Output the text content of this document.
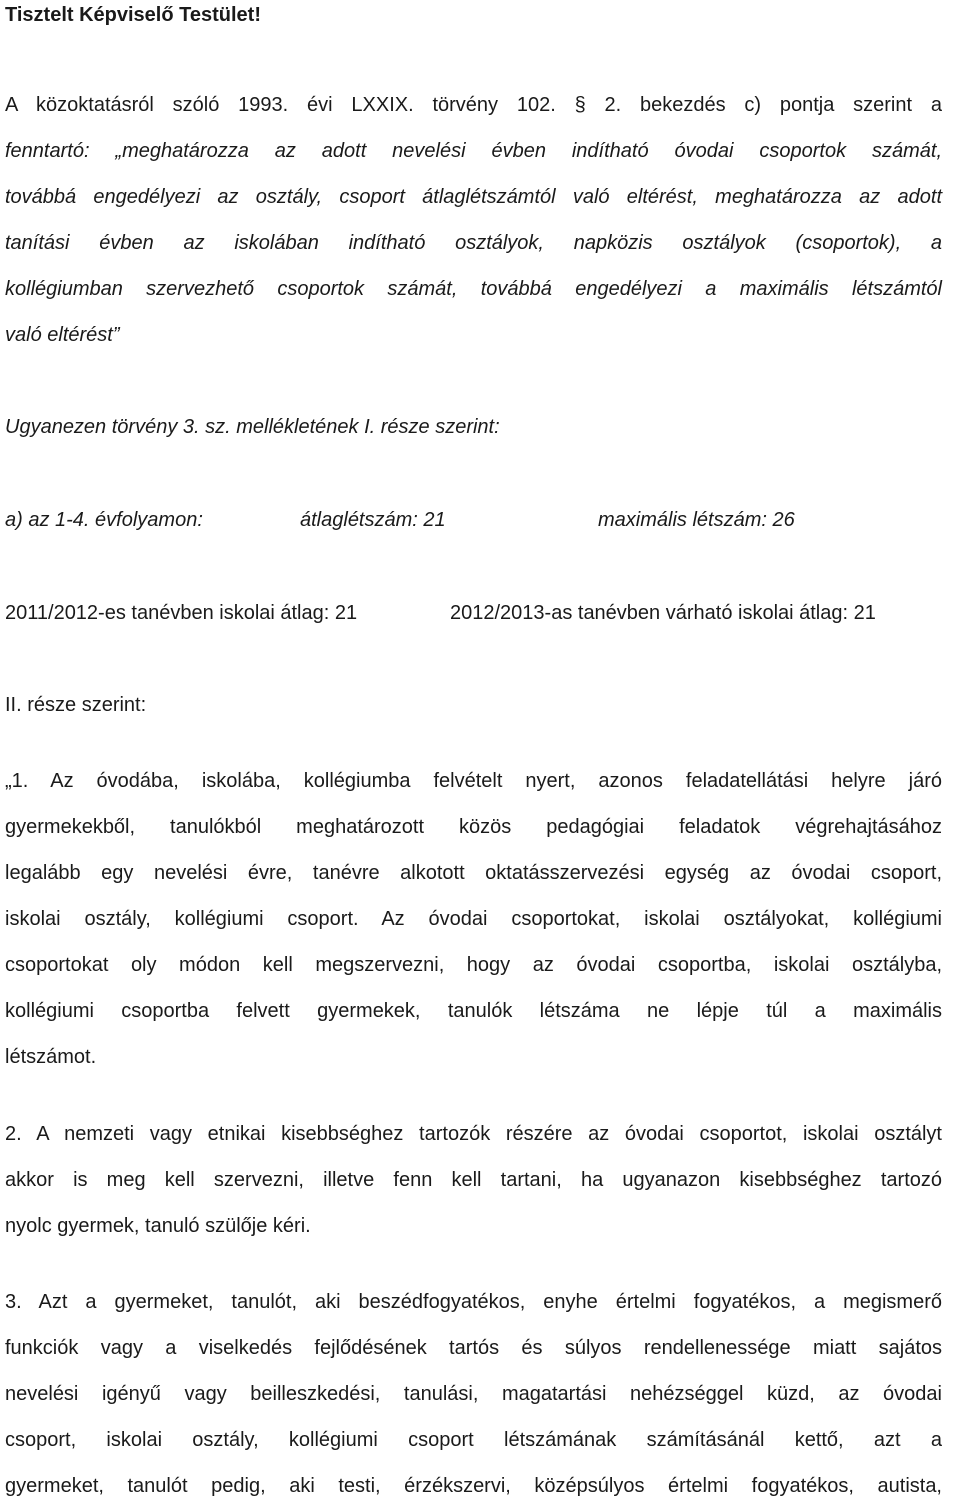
Tisztelt Képviselő Testület!
A közoktatásról szóló 1993. évi LXXIX. törvény 102. § 2. bekezdés c) pontja szerint a
fenntartó: „meghatározza az adott nevelési évben indítható óvodai csoportok számát,
továbbá engedélyezi az osztály, csoport átlaglétszámtól való eltérést, meghatározza az adott
tanítási évben az iskolában indítható osztályok, napközis osztályok (csoportok), a
kollégiumban szervezhető csoportok számát, továbbá engedélyezi a maximális létszámtól
való eltérést”
Ugyanezen törvény 3. sz. mellékletének I. része szerint:
a) az 1-4. évfolyamon:	átlaglétszám: 21	maximális létszám: 26
2011/2012-es tanévben iskolai átlag: 21	2012/2013-as tanévben várható iskolai átlag: 21
II. része szerint:
„1. Az óvodába, iskolába, kollégiumba felvételt nyert, azonos feladatellátási helyre járó
gyermekekből, tanulókból meghatározott közös pedagógiai feladatok végrehajtásához
legalább egy nevelési évre, tanévre alkotott oktatásszervezési egység az óvodai csoport,
iskolai osztály, kollégiumi csoport. Az óvodai csoportokat, iskolai osztályokat, kollégiumi
csoportokat oly módon kell megszervezni, hogy az óvodai csoportba, iskolai osztályba,
kollégiumi csoportba felvett gyermekek, tanulók létszáma ne lépje túl a maximális
létszámot.
2. A nemzeti vagy etnikai kisebbséghez tartozók részére az óvodai csoportot, iskolai osztályt
akkor is meg kell szervezni, illetve fenn kell tartani, ha ugyanazon kisebbséghez tartozó
nyolc gyermek, tanuló szülője kéri.
3. Azt a gyermeket, tanulót, aki beszédfogyatékos, enyhe értelmi fogyatékos, a megismerő
funkciók vagy a viselkedés fejlődésének tartós és súlyos rendellenessége miatt sajátos
nevelési igényű vagy beilleszkedési, tanulási, magatartási nehézséggel küzd, az óvodai
csoport, iskolai osztály, kollégiumi csoport létszámának számításánál kettő, azt a
gyermeket, tanulót pedig, aki testi, érzékszervi, középsúlyos értelmi fogyatékos, autista,
